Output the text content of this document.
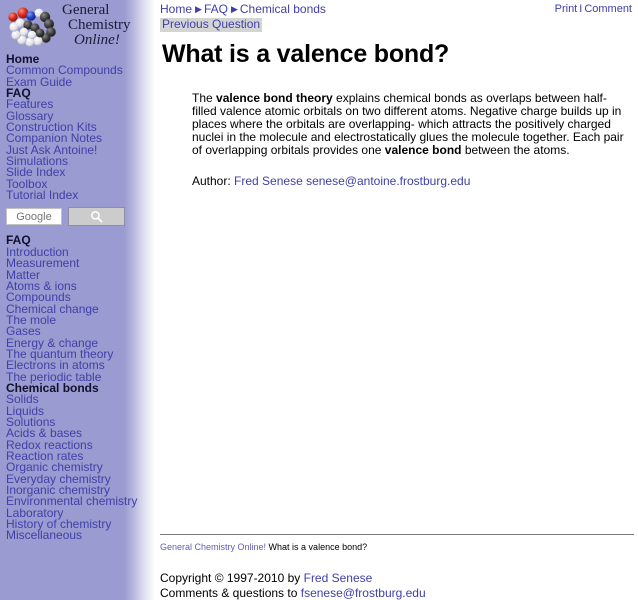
General
Chemistry
Online!
Home
Common Compounds
Exam Guide
FAQ
Features
Glossary
Construction Kits
Companion Notes
Just Ask Antoine!
Simulations
Slide Index
Toolbox
Tutorial Index
Google
FAQ
Introduction
Measurement
Matter
Atoms & ions
Compounds
Chemical change
The mole
Gases
Energy & change
The quantum theory
Electrons in atoms
The periodic table
Chemical bonds
Solids
Liquids
Solutions
Acids & bases
Redox reactions
Reaction rates
Organic chemistry
Everyday chemistry
Inorganic chemistry
Environmental chemistry
Laboratory
History of chemistry
Miscellaneous
Home ▶ FAQ ▶ Chemical bonds
Previous Question
Print I Comment
What is a valence bond?

The valence bond theory explains chemical bonds as overlaps between half-filled valence atomic orbitals on two different atoms. Negative charge builds up in places where the orbitals are overlapping- which attracts the positively charged nuclei in the molecule and electrostatically glues the molecule together. Each pair of overlapping orbitals provides one valence bond between the atoms.

Author: Fred Senese senese@antoine.frostburg.edu
General Chemistry Online! What is a valence bond?
Copyright © 1997-2010 by Fred Senese
Comments & questions to fsenese@frostburg.edu
